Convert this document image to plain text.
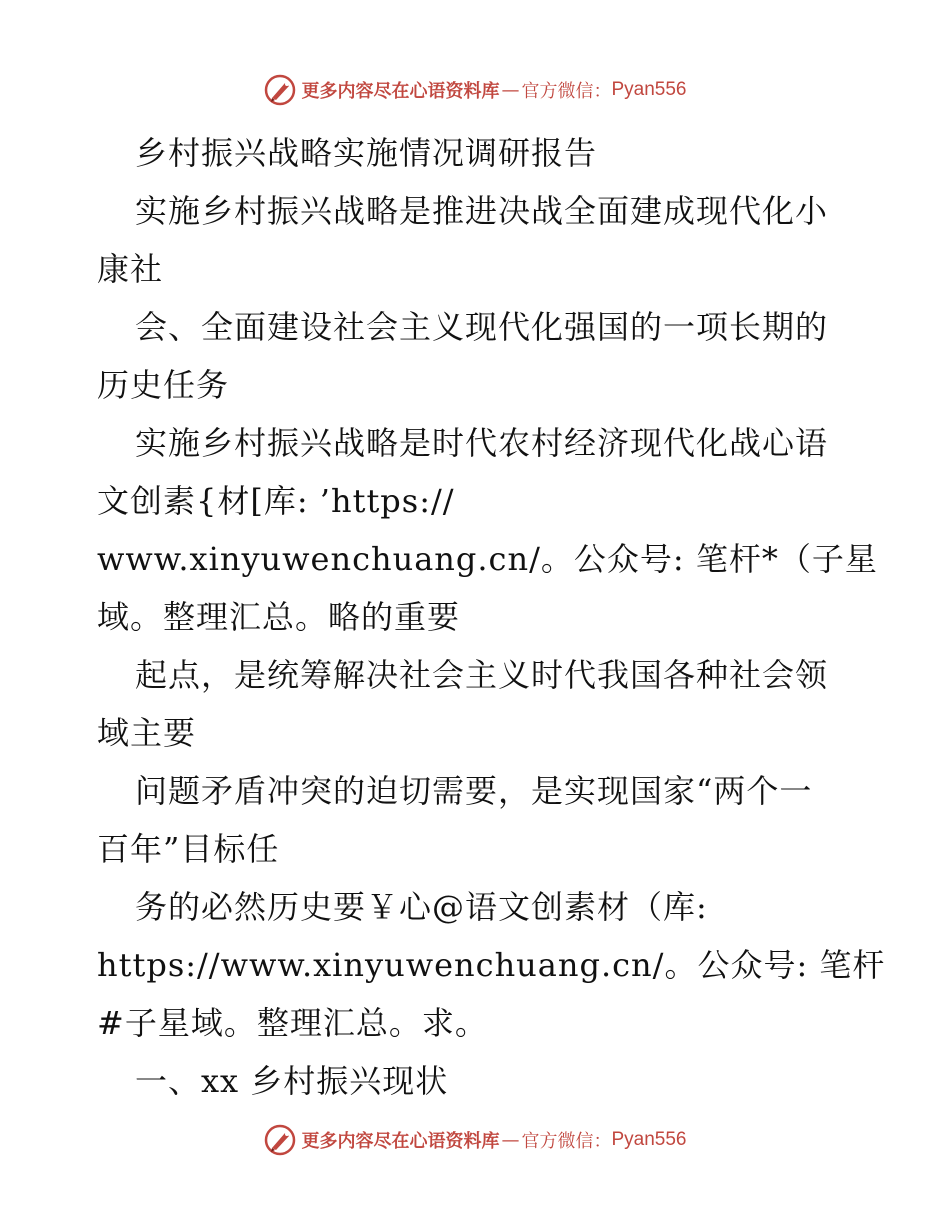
更多内容尽在心语资料库 — 官方微信： Pyan556
乡村振兴战略实施情况调研报告
实施乡村振兴战略是推进决战全面建成现代化小
康社
会、全面建设社会主义现代化强国的一项长期的
历史任务
实施乡村振兴战略是时代农村经济现代化战心语
文创素{材[库: ’https://
www.xinyuwenchuang.cn/。公众号: 笔杆*（子星
域。整理汇总。略的重要
起点，是统筹解决社会主义时代我国各种社会领
域主要
问题矛盾冲突的迫切需要，是实现国家“两个一
百年”目标任
务的必然历史要￥心@语文创素材（库:
https://www.xinyuwenchuang.cn/。公众号: 笔杆
#子星域。整理汇总。求。
一、xx 乡村振兴现状
更多内容尽在心语资料库 — 官方微信： Pyan556
